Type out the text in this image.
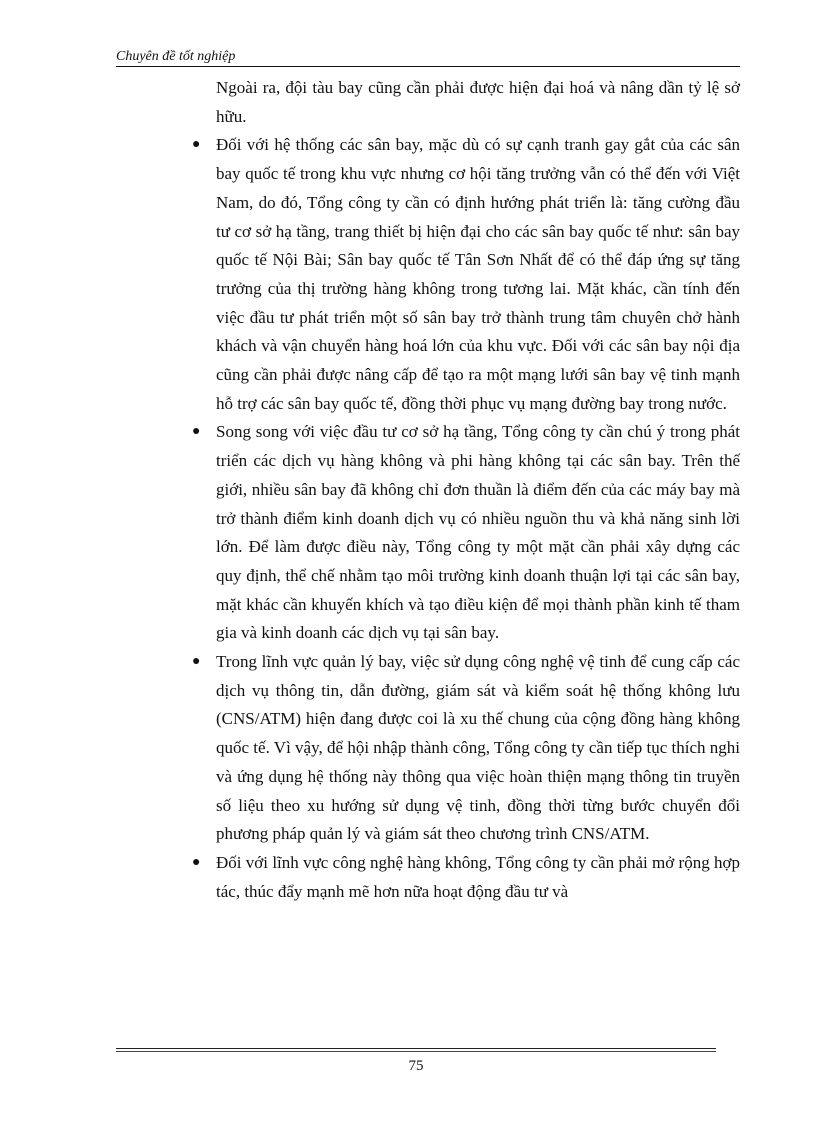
Chuyên đề tốt nghiệp

Ngoài ra, đội tàu bay cũng cần phải được hiện đại hoá và nâng dần tỷ lệ sở hữu.

● Đối với hệ thống các sân bay, mặc dù có sự cạnh tranh gay gắt của các sân bay quốc tế trong khu vực nhưng cơ hội tăng trưởng vẫn có thể đến với Việt Nam, do đó, Tổng công ty cần có định hướng phát triển là: tăng cường đầu tư cơ sở hạ tầng, trang thiết bị hiện đại cho các sân bay quốc tế như: sân bay quốc tế Nội Bài; Sân bay quốc tế Tân Sơn Nhất để có thể đáp ứng sự tăng trưởng của thị trường hàng không trong tương lai. Mặt khác, cần tính đến việc đầu tư phát triển một số sân bay trở thành trung tâm chuyên chở hành khách và vận chuyển hàng hoá lớn của khu vực. Đối với các sân bay nội địa cũng cần phải được nâng cấp để tạo ra một mạng lưới sân bay vệ tinh mạnh hỗ trợ các sân bay quốc tế, đồng thời phục vụ mạng đường bay trong nước.

● Song song với việc đầu tư cơ sở hạ tầng, Tổng công ty cần chú ý trong phát triển các dịch vụ hàng không và phi hàng không tại các sân bay. Trên thế giới, nhiều sân bay đã không chỉ đơn thuần là điểm đến của các máy bay mà trở thành điểm kinh doanh dịch vụ có nhiều nguồn thu và khả năng sinh lời lớn. Để làm được điều này, Tổng công ty một mặt cần phải xây dựng các quy định, thể chế nhằm tạo môi trường kinh doanh thuận lợi tại các sân bay, mặt khác cần khuyến khích và tạo điều kiện để mọi thành phần kinh tế tham gia và kinh doanh các dịch vụ tại sân bay.

● Trong lĩnh vực quản lý bay, việc sử dụng công nghệ vệ tinh để cung cấp các dịch vụ thông tin, dẫn đường, giám sát và kiểm soát hệ thống không lưu (CNS/ATM) hiện đang được coi là xu thế chung của cộng đồng hàng không quốc tế. Vì vậy, để hội nhập thành công, Tổng công ty cần tiếp tục thích nghi và ứng dụng hệ thống này thông qua việc hoàn thiện mạng thông tin truyền số liệu theo xu hướng sử dụng vệ tinh, đồng thời từng bước chuyển đổi phương pháp quản lý và giám sát theo chương trình CNS/ATM.

● Đối với lĩnh vực công nghệ hàng không, Tổng công ty cần phải mở rộng hợp tác, thúc đẩy mạnh mẽ hơn nữa hoạt động đầu tư và

75
